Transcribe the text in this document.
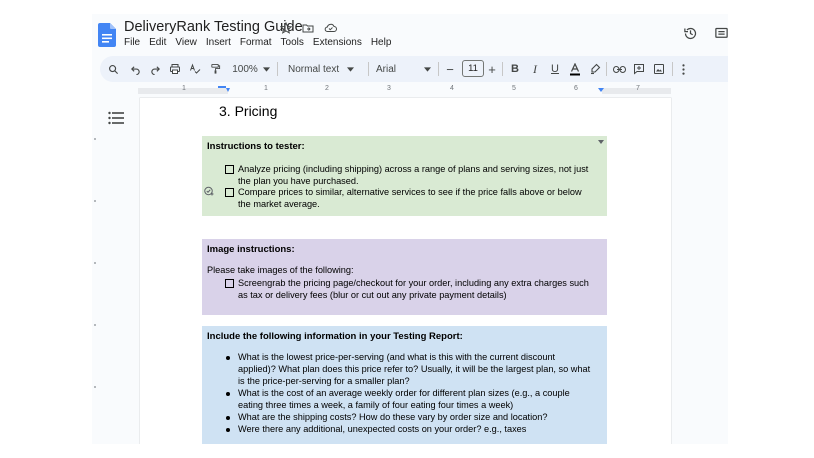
DeliveryRank Testing Guide
File Edit View Insert Format Tools Extensions Help
100%	Normal text	Arial	−	11 + B	I	U
1	1	2	3	4	5	6	7
3. Pricing
Instructions to tester:
Analyze pricing (including shipping) across a range of plans and serving sizes, not just
the plan you have purchased.
Compare prices to similar, alternative services to see if the price falls above or below
the market average.
Image instructions:
Please take images of the following:
Screengrab the pricing page/checkout for your order, including any extra charges such
as tax or delivery fees (blur or cut out any private payment details)
Include the following information in your Testing Report:
What is the lowest price-per-serving (and what is this with the current discount
applied)? What plan does this price refer to? Usually, it will be the largest plan, so what
is the price-per-serving for a smaller plan?
What is the cost of an average weekly order for different plan sizes (e.g., a couple
eating three times a week, a family of four eating four times a week)
What are the shipping costs? How do these vary by order size and location?
Were there any additional, unexpected costs on your order? e.g., taxes
